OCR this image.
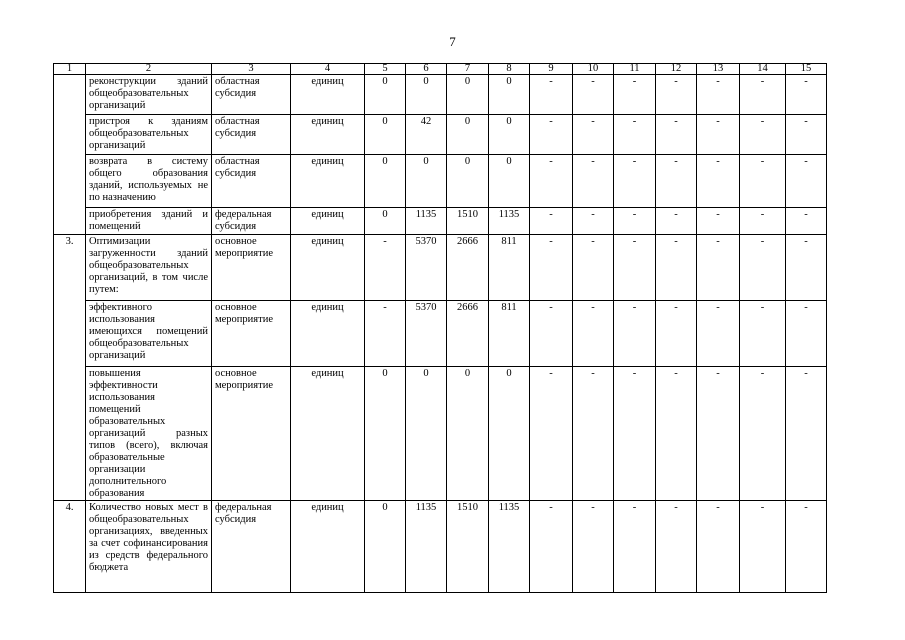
7
1	2	3	4	5	6	7	8	9	10	11	12	13	14	15
	реконструкции зданий общеобразовательных организаций	областная субсидия	единиц	0	0	0	0	-	-	-	-	-	-	-
	пристроя к зданиям общеобразовательных организаций	областная субсидия	единиц	0	42	0	0	-	-	-	-	-	-	-
	возврата в систему общего образования зданий, используемых не по назначению	областная субсидия	единиц	0	0	0	0	-	-	-	-	-	-	-
	приобретения зданий и помещений	федеральная субсидия	единиц	0	1135	1510	1135	-	-	-	-	-	-	-
3.	Оптимизации загруженности зданий общеобразовательных организаций, в том числе путем:	основное мероприятие	единиц	-	5370	2666	811	-	-	-	-	-	-	-
	эффективного использования имеющихся помещений общеобразовательных организаций	основное мероприятие	единиц	-	5370	2666	811	-	-	-	-	-	-	-
	повышения эффективности использования помещений образовательных организаций разных типов (всего), включая образовательные организации дополнительного образования	основное мероприятие	единиц	0	0	0	0	-	-	-	-	-	-	-
4.	Количество новых мест в общеобразовательных организациях, введенных за счет софинансирования из средств федерального бюджета	федеральная субсидия	единиц	0	1135	1510	1135	-	-	-	-	-	-	-
